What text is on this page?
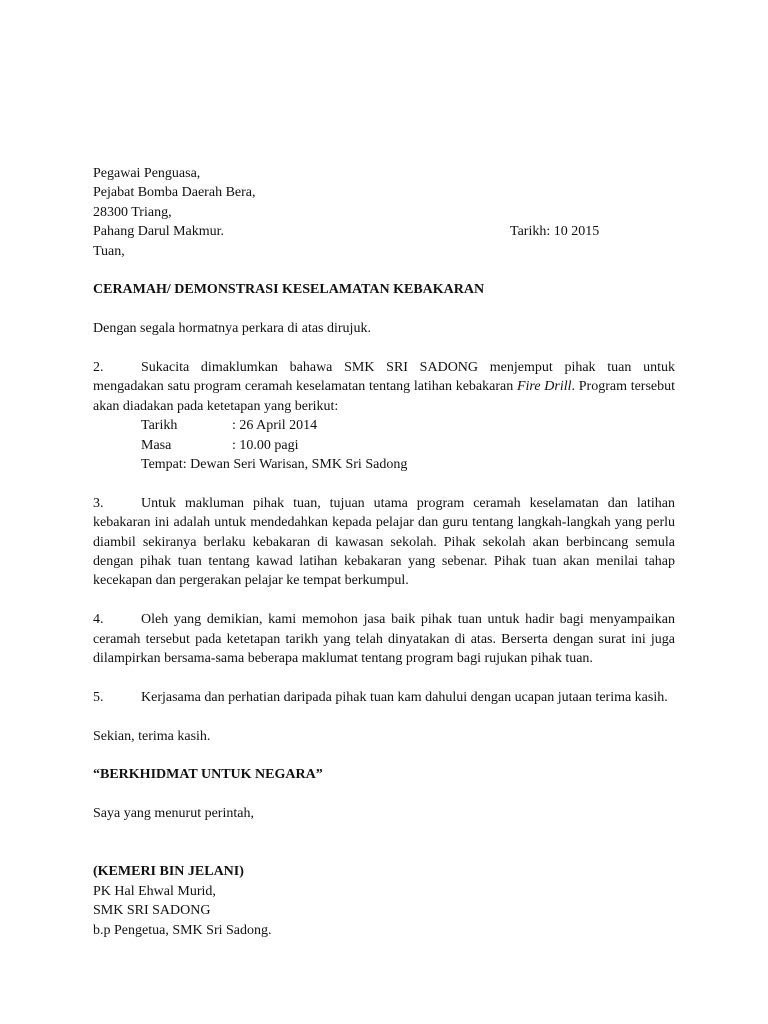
Pegawai Penguasa,
Pejabat Bomba Daerah Bera,
28300 Triang,
Pahang Darul Makmur.	Tarikh: 10 2015
Tuan,
CERAMAH/ DEMONSTRASI KESELAMATAN KEBAKARAN
Dengan segala hormatnya perkara di atas dirujuk.
2.	Sukacita dimaklumkan bahawa SMK SRI SADONG menjemput pihak tuan untuk mengadakan satu program ceramah keselamatan tentang latihan kebakaran Fire Drill. Program tersebut akan diadakan pada ketetapan yang berikut:
Tarikh	: 26 April 2014
Masa	: 10.00 pagi
Tempat: Dewan Seri Warisan, SMK Sri Sadong
3.	Untuk makluman pihak tuan, tujuan utama program ceramah keselamatan dan latihan kebakaran ini adalah untuk mendedahkan kepada pelajar dan guru tentang langkah-langkah yang perlu diambil sekiranya berlaku kebakaran di kawasan sekolah. Pihak sekolah akan berbincang semula dengan pihak tuan tentang kawad latihan kebakaran yang sebenar. Pihak tuan akan menilai tahap kecekapan dan pergerakan pelajar ke tempat berkumpul.
4.	Oleh yang demikian, kami memohon jasa baik pihak tuan untuk hadir bagi menyampaikan ceramah tersebut pada ketetapan tarikh yang telah dinyatakan di atas. Berserta dengan surat ini juga dilampirkan bersama-sama beberapa maklumat tentang program bagi rujukan pihak tuan.
5.	Kerjasama dan perhatian daripada pihak tuan kam dahului dengan ucapan jutaan terima kasih.
Sekian, terima kasih.
“BERKHIDMAT UNTUK NEGARA”
Saya yang menurut perintah,
(KEMERI BIN JELANI)
PK Hal Ehwal Murid,
SMK SRI SADONG
b.p Pengetua, SMK Sri Sadong.
